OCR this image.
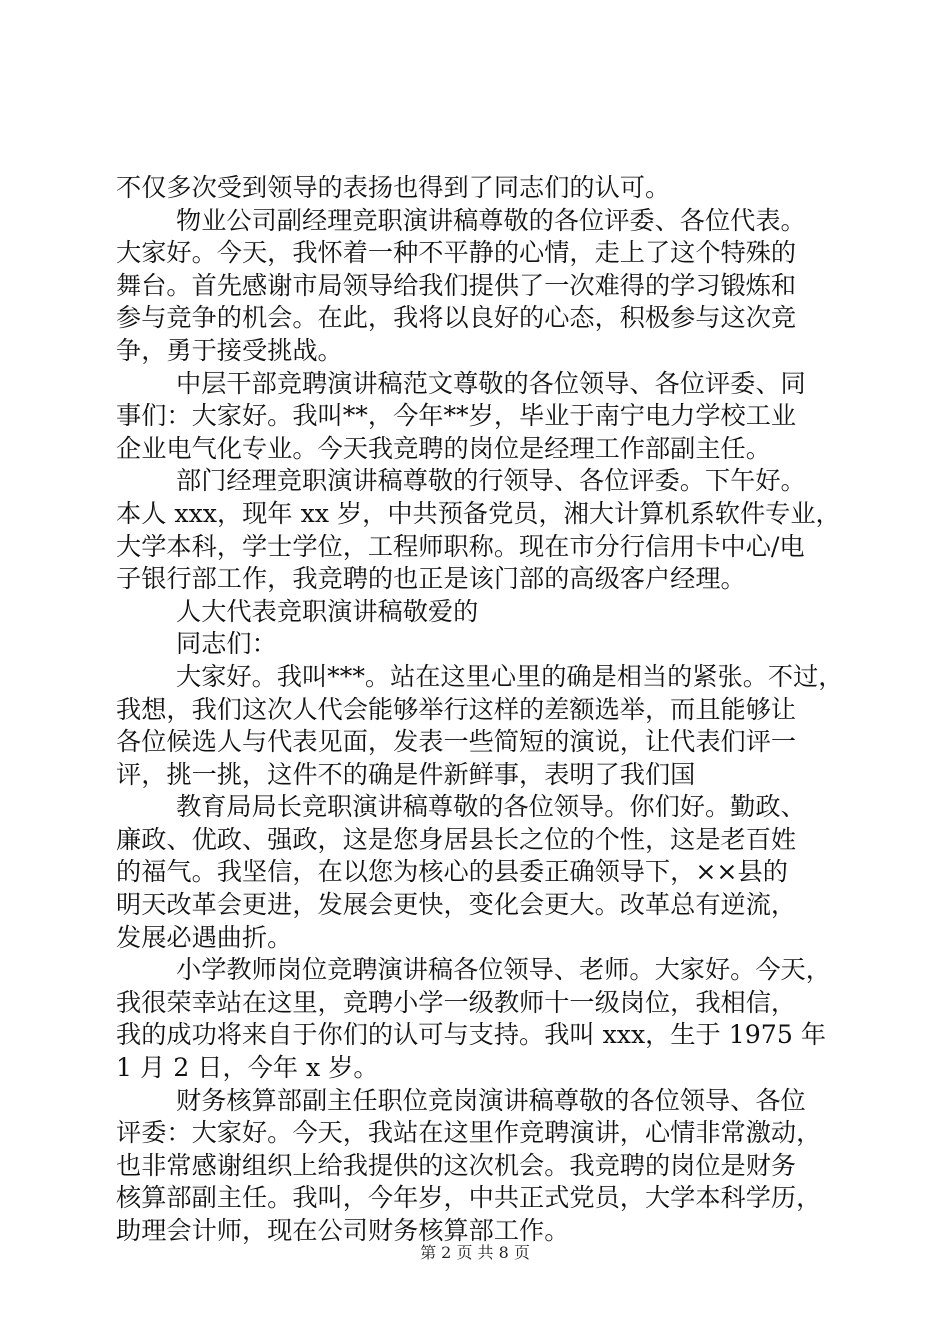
不仅多次受到领导的表扬也得到了同志们的认可。
物业公司副经理竞职演讲稿尊敬的各位评委、各位代表。
大家好。今天，我怀着一种不平静的心情，走上了这个特殊的
舞台。首先感谢市局领导给我们提供了一次难得的学习锻炼和
参与竞争的机会。在此，我将以良好的心态，积极参与这次竞
争，勇于接受挑战。
中层干部竞聘演讲稿范文尊敬的各位领导、各位评委、同
事们：大家好。我叫**，今年**岁，毕业于南宁电力学校工业
企业电气化专业。今天我竞聘的岗位是经理工作部副主任。
部门经理竞职演讲稿尊敬的行领导、各位评委。下午好。
本人 xxx，现年 xx 岁，中共预备党员，湘大计算机系软件专业，
大学本科，学士学位，工程师职称。现在市分行信用卡中心/电
子银行部工作，我竞聘的也正是该门部的高级客户经理。
人大代表竞职演讲稿敬爱的
同志们：
大家好。我叫***。站在这里心里的确是相当的紧张。不过，
我想，我们这次人代会能够举行这样的差额选举，而且能够让
各位候选人与代表见面，发表一些简短的演说，让代表们评一
评，挑一挑，这件不的确是件新鲜事，表明了我们国
教育局局长竞职演讲稿尊敬的各位领导。你们好。勤政、
廉政、优政、强政，这是您身居县长之位的个性，这是老百姓
的福气。我坚信，在以您为核心的县委正确领导下，××县的
明天改革会更进，发展会更快，变化会更大。改革总有逆流，
发展必遇曲折。
小学教师岗位竞聘演讲稿各位领导、老师。大家好。今天，
我很荣幸站在这里，竞聘小学一级教师十一级岗位，我相信，
我的成功将来自于你们的认可与支持。我叫 xxx，生于 1975 年
1 月 2 日，今年 x 岁。
财务核算部副主任职位竞岗演讲稿尊敬的各位领导、各位
评委：大家好。今天，我站在这里作竞聘演讲，心情非常激动，
也非常感谢组织上给我提供的这次机会。我竞聘的岗位是财务
核算部副主任。我叫，今年岁，中共正式党员，大学本科学历，
助理会计师，现在公司财务核算部工作。
第 2 页 共 8 页
